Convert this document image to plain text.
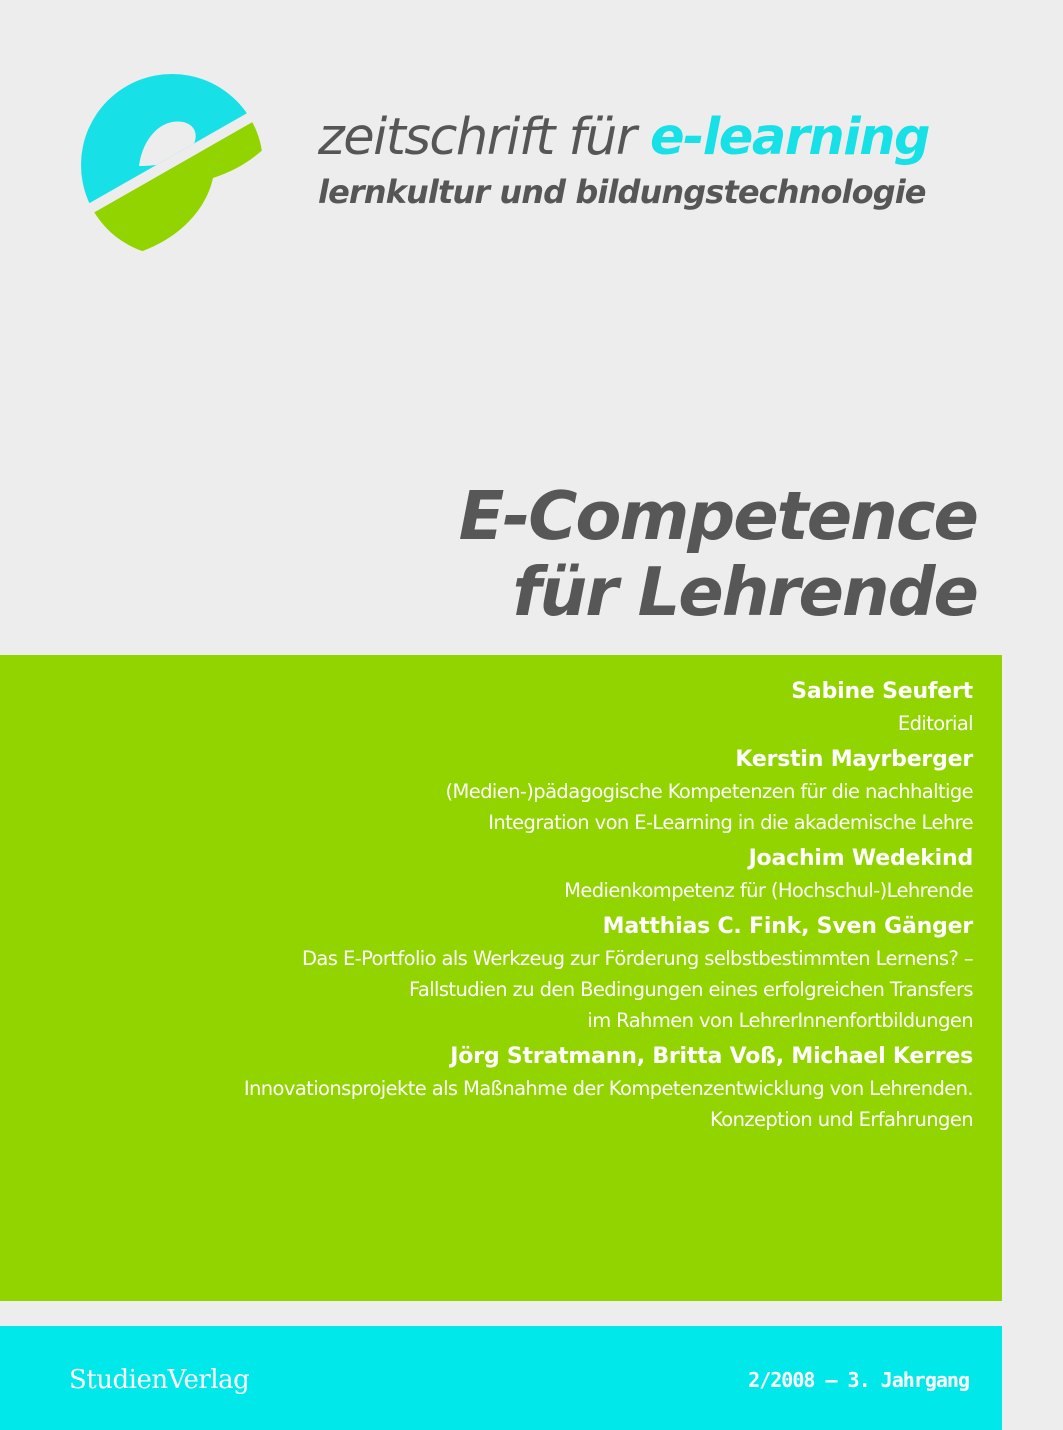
zeitschrift für e-learning
lernkultur und bildungstechnologie
E-Competence
für Lehrende
Sabine Seufert
Editorial
Kerstin Mayrberger
(Medien-)pädagogische Kompetenzen für die nachhaltige
Integration von E-Learning in die akademische Lehre
Joachim Wedekind
Medienkompetenz für (Hochschul-)Lehrende
Matthias C. Fink, Sven Gänger
Das E-Portfolio als Werkzeug zur Förderung selbstbestimmten Lernens? –
Fallstudien zu den Bedingungen eines erfolgreichen Transfers
im Rahmen von LehrerInnenfortbildungen
Jörg Stratmann, Britta Voß, Michael Kerres
Innovationsprojekte als Maßnahme der Kompetenzentwicklung von Lehrenden.
Konzeption und Erfahrungen
StudienVerlag	2/2008 — 3. Jahrgang
